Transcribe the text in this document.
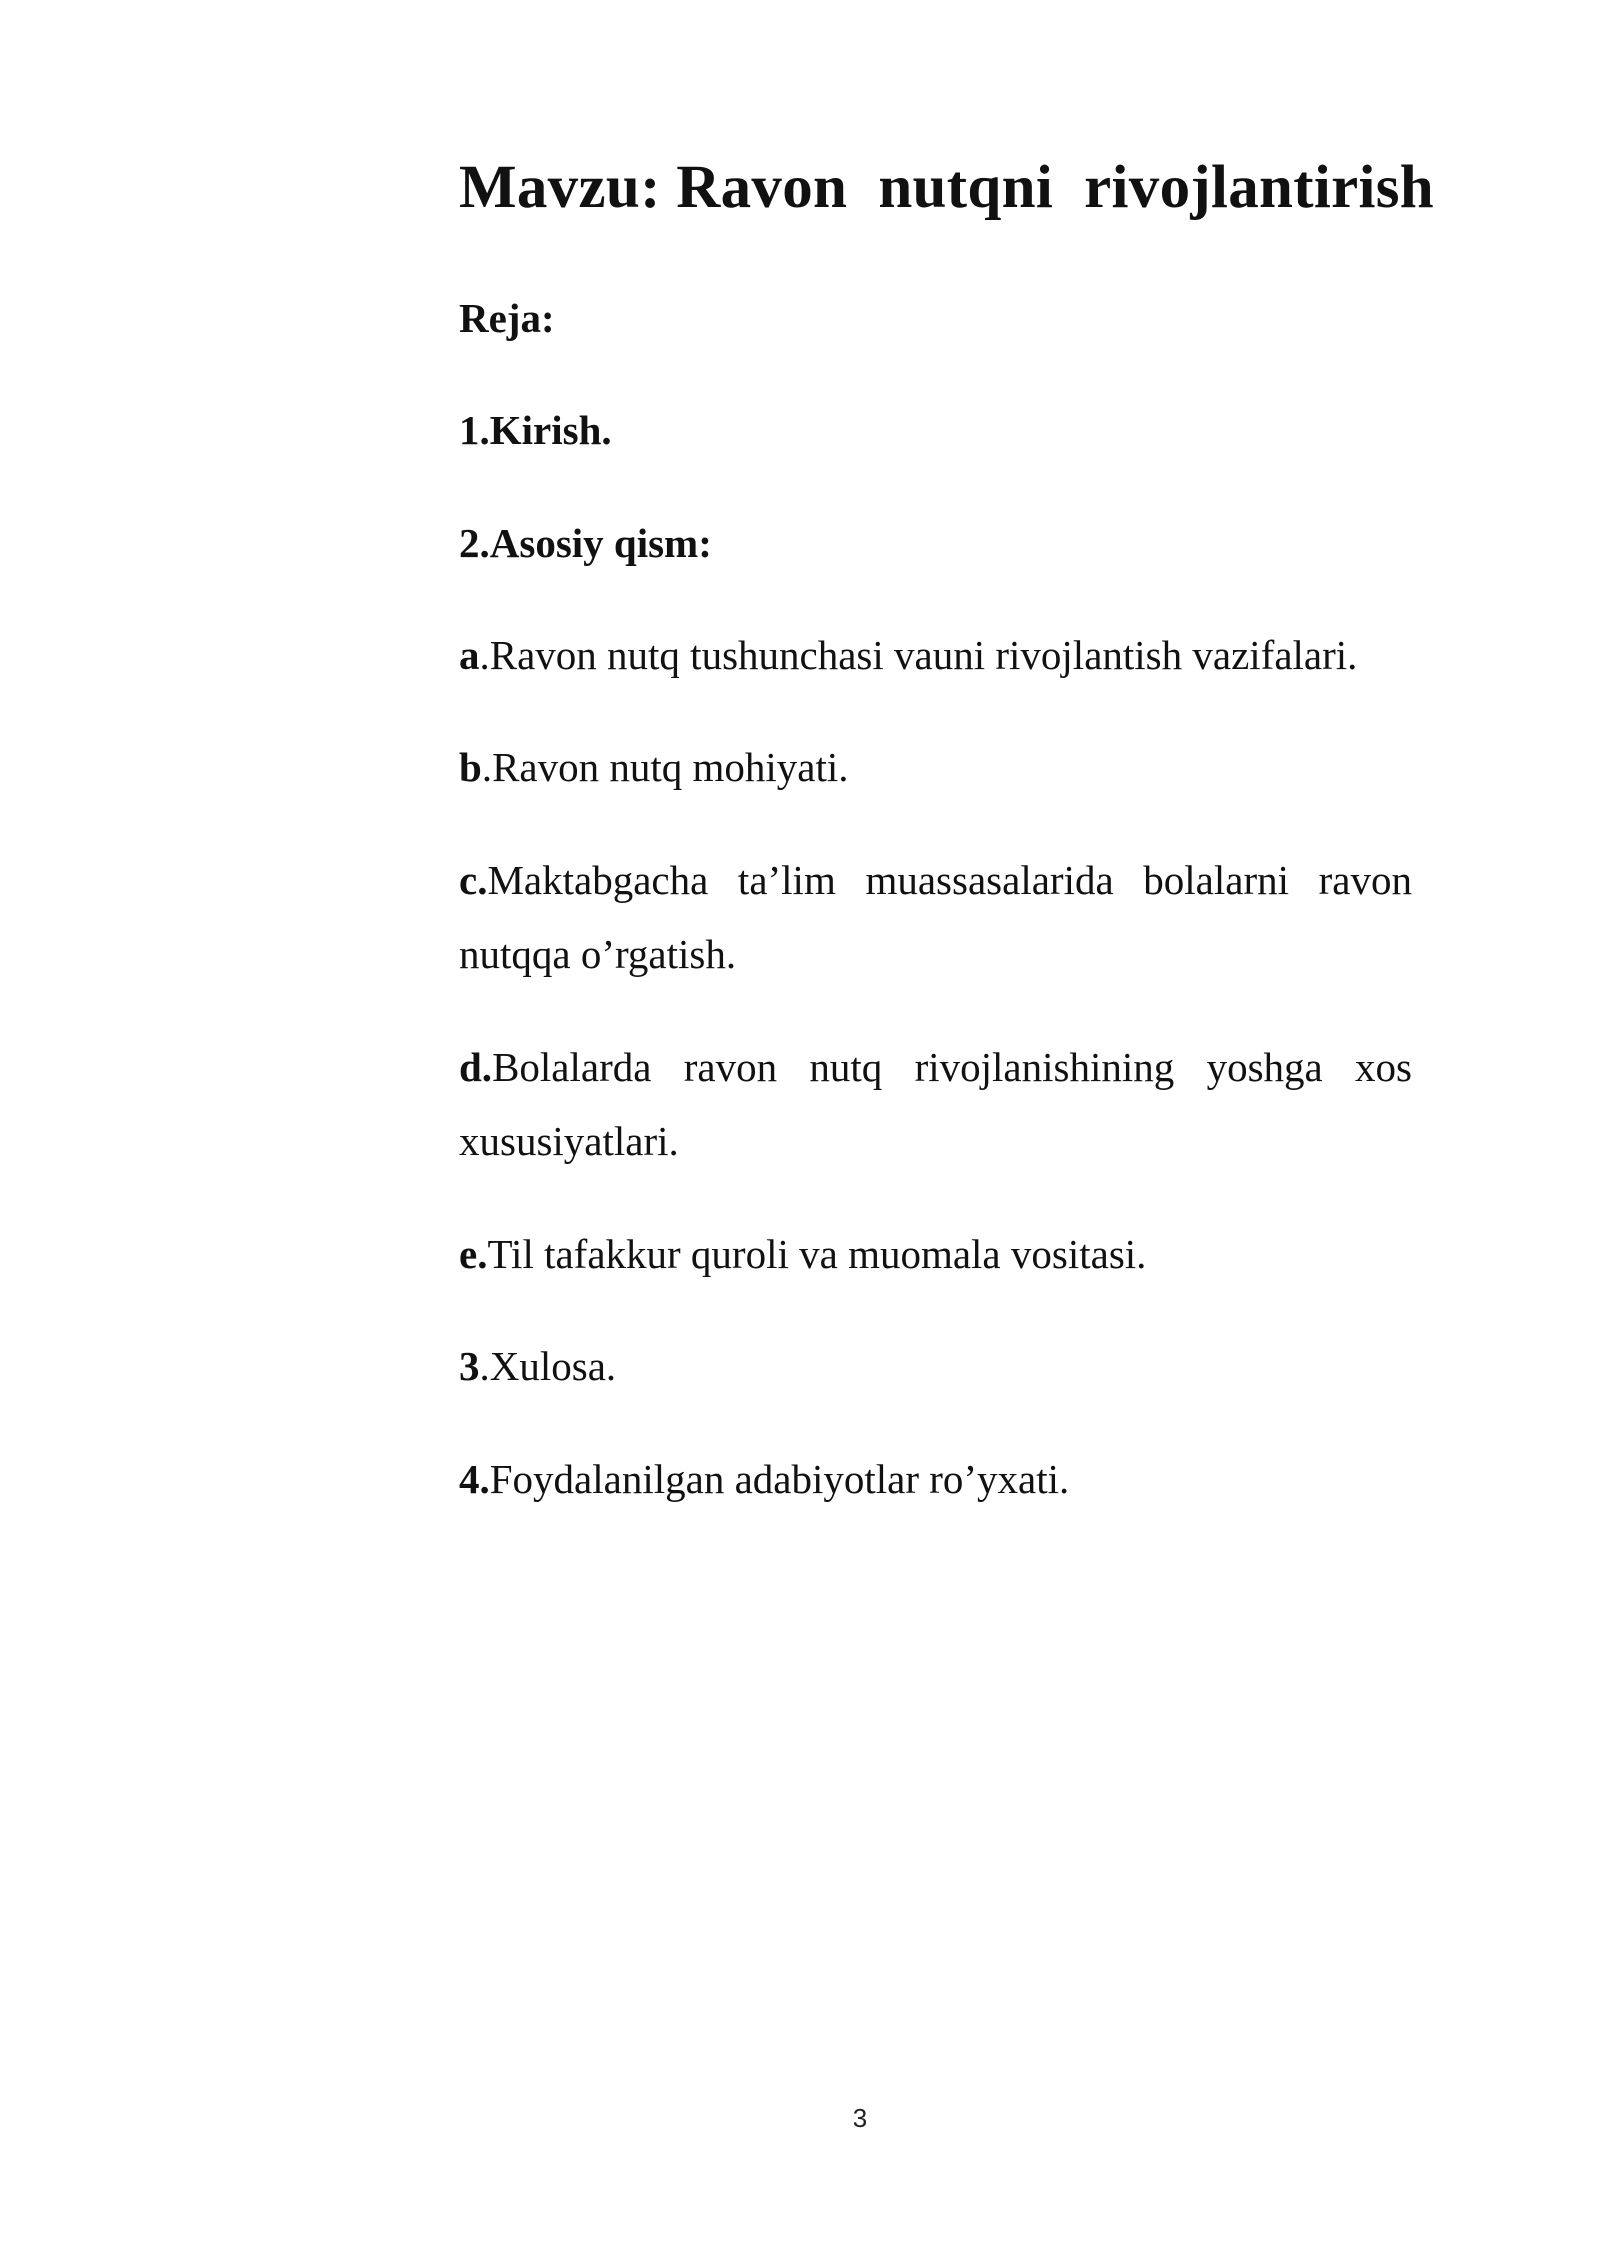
Mavzu: Ravon  nutqni  rivojlantirish

Reja:

1.Kirish.

2.Asosiy qism:

a.Ravon nutq tushunchasi vauni rivojlantish vazifalari.

b.Ravon nutq mohiyati.

c.Maktabgacha ta’lim muassasalarida bolalarni ravon
nutqqa o’rgatish.

d.Bolalarda ravon nutq rivojlanishining yoshga xos
xususiyatlari.

e.Til tafakkur quroli va muomala vositasi.

3.Xulosa.

4.Foydalanilgan adabiyotlar ro’yxati.

3
